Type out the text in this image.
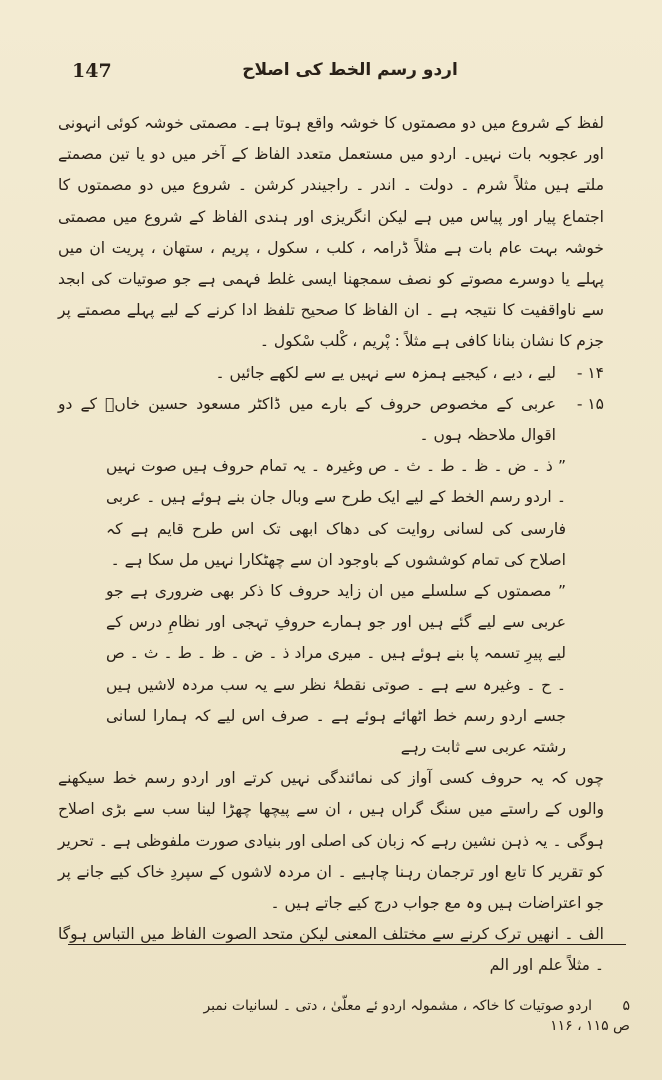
147	اردو رسم الخط کی اصلاح

لفظ کے شروع میں دو مصمتوں کا خوشہ واقع ہوتا ہے۔ مصمتی خوشہ کوئی انہونی اور عجوبہ بات نہیں۔ اردو میں مستعمل متعدد الفاظ کے آخر میں دو یا تین مصمتے ملتے ہیں مثلاً شرم ۔ دولت ۔ اندر ۔ راجیندر کرشن ۔ شروع میں دو مصمتوں کا اجتماع پیار اور پیاس میں ہے لیکن انگریزی اور ہندی الفاظ کے شروع میں مصمتی خوشہ بہت عام بات ہے مثلاً ڈرامہ ، کلب ، سکول ، پریم ، ستھان ، پریت ان میں پہلے یا دوسرے مصوتے کو نصف سمجھنا ایسی غلط فہمی ہے جو صوتیات کی ابجد سے ناواقفیت کا نتیجہ ہے ۔ ان الفاظ کا صحیح تلفظ ادا کرنے کے لیے پہلے مصمتے پر جزم کا نشان بنانا کافی ہے مثلاً : پْریم ، کْلب سْکول ۔

۱۴ -
لیے ، دیے ، کیجیے ہمزہ سے نہیں یے سے لکھے جائیں ۔

۱۵ -
عربی کے مخصوص حروف کے بارے میں ڈاکٹر مسعود حسین خاںؔ کے دو اقوال ملاحظہ ہوں ۔

” ذ ۔ ض ۔ ظ ۔ ط ۔ ث ۔ ص وغیرہ ۔ یہ تمام حروف ہیں صوت نہیں ۔ اردو رسم الخط کے لیے ایک طرح سے وبال جان بنے ہوئے ہیں ۔ عربی فارسی کی لسانی روایت کی دھاک ابھی تک اس طرح قایم ہے کہ اصلاح کی تمام کوششوں کے باوجود ان سے چھٹکارا نہیں مل سکا ہے ۔

” مصمتوں کے سلسلے میں ان زاید حروف کا ذکر بھی ضروری ہے جو عربی سے لیے گئے ہیں اور جو ہمارے حروفِ تہجی اور نظامِ درس کے لیے پیرِ تسمہ پا بنے ہوئے ہیں ۔ میری مراد ذ ۔ ض ۔ ظ ۔ ط ۔ ث ۔ ص ۔ ح ۔ وغیرہ سے ہے ۔ صوتی نقطۂ نظر سے یہ سب مردہ لاشیں ہیں جسے اردو رسم خط اٹھائے ہوئے ہے ۔ صرف اس لیے کہ ہمارا لسانی رشتہ عربی سے ثابت رہے

چوں کہ یہ حروف کسی آواز کی نمائندگی نہیں کرتے اور اردو رسم خط سیکھنے والوں کے راستے میں سنگ گراں ہیں ، ان سے پیچھا چھڑا لینا سب سے بڑی اصلاح ہوگی ۔ یہ ذہن نشین رہے کہ زبان کی اصلی اور بنیادی صورت ملفوظی ہے ۔ تحریر کو تقریر کا تابع اور ترجمان رہنا چاہیے ۔ ان مردہ لاشوں کے سپردِ خاک کیے جانے پر جو اعتراضات ہیں وہ مع جواب درج کیے جاتے ہیں ۔

الف ۔ انھیں ترک کرنے سے مختلف المعنی لیکن متحد الصوت الفاظ میں التباس ہوگا ۔ مثلاً علم اور الم

۵ اردو صوتیات کا خاکہ ، مشمولہ اردو ئے معلّیٰ ، دتی ۔ لسانیات نمبر ص ۱۱۵ ، ۱۱۶
